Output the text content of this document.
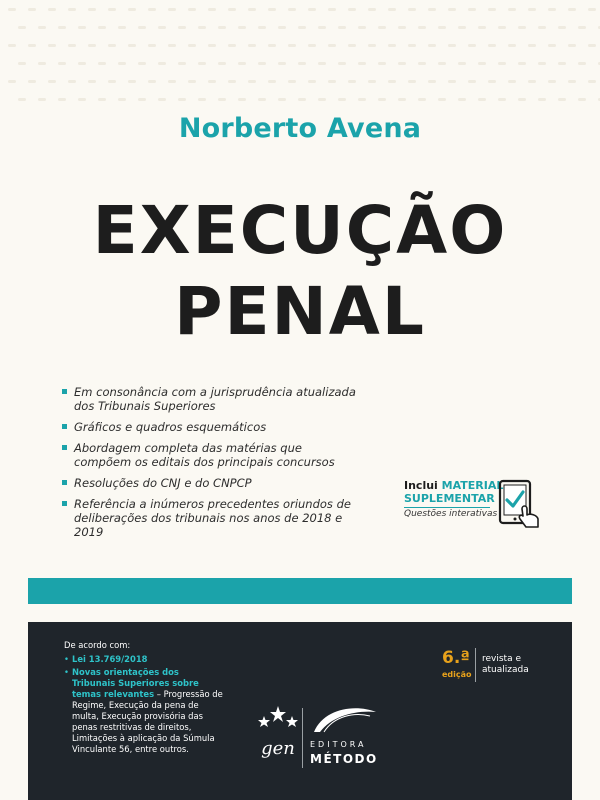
Norberto Avena
EXECUÇÃO
PENAL
Em consonância com a jurisprudência atualizada dos Tribunais Superiores
Gráficos e quadros esquemáticos
Abordagem completa das matérias que compõem os editais dos principais concursos
Resoluções do CNJ e do CNPCP
Referência a inúmeros precedentes oriundos de deliberações dos tribunais nos anos de 2018 e 2019
Inclui MATERIAL
SUPLEMENTAR
Questões interativas
De acordo com:
• Lei 13.769/2018
• Novas orientações dos Tribunais Superiores sobre temas relevantes – Progressão de Regime, Execução da pena de multa, Execução provisória das penas restritivas de direitos, Limitações à aplicação da Súmula Vinculante 56, entre outros.
6.ª
edição
revista e atualizada
gen EDITORA
MÉTODO
